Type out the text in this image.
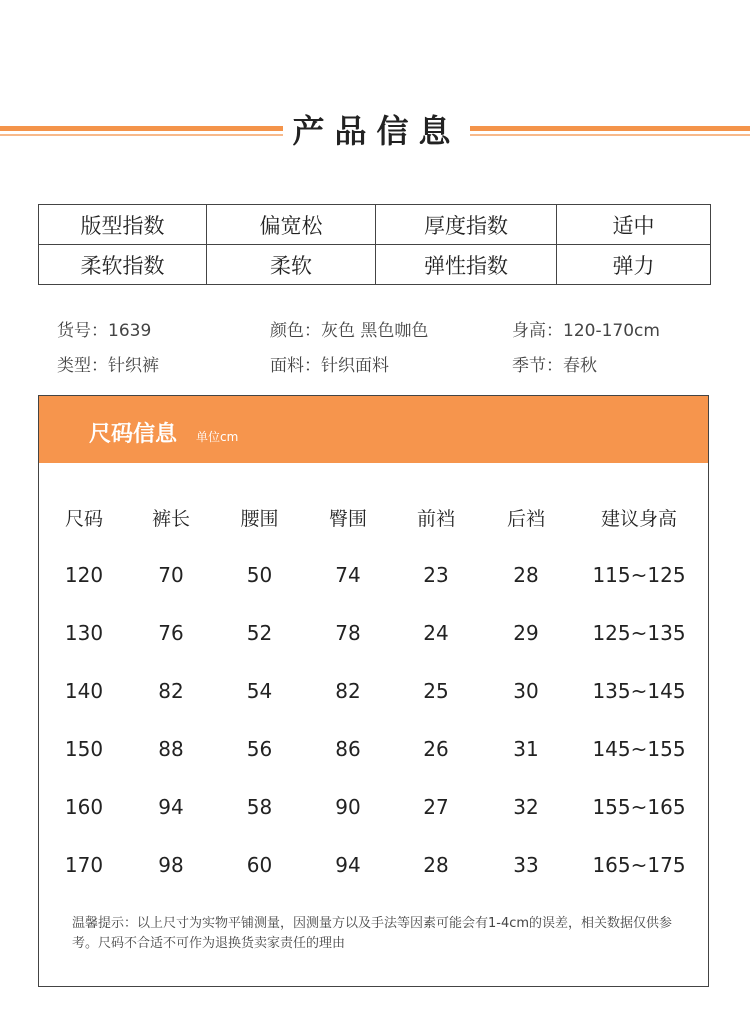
产品信息
版型指数	偏宽松	厚度指数	适中
柔软指数	柔软	弹性指数	弹力
货号：1639	颜色：灰色 黑色咖色	身高：120-170cm
类型：针织裤	面料：针织面料	季节：春秋
尺码信息 单位cm
尺码	裤长	腰围	臀围	前裆	后裆	建议身高
120	70	50	74	23	28	115~125
130	76	52	78	24	29	125~135
140	82	54	82	25	30	135~145
150	88	56	86	26	31	145~155
160	94	58	90	27	32	155~165
170	98	60	94	28	33	165~175
温馨提示：以上尺寸为实物平铺测量，因测量方以及手法等因素可能会有1-4cm的误差，相关数据仅供参考。尺码不合适不可作为退换货卖家责任的理由
